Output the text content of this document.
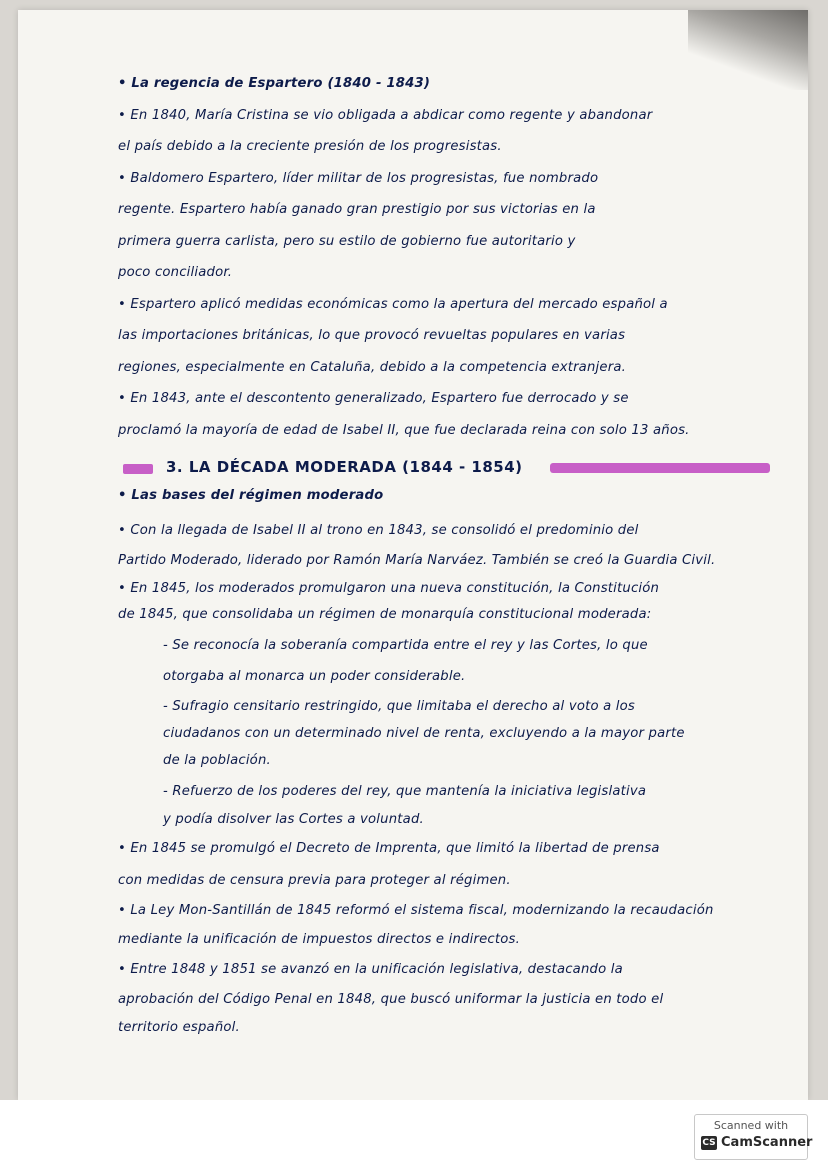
• La regencia de Espartero (1840 - 1843)
• En 1840, María Cristina se vio obligada a abdicar como regente y abandonar
el país debido a la creciente presión de los progresistas.
• Baldomero Espartero, líder militar de los progresistas, fue nombrado
regente. Espartero había ganado gran prestigio por sus victorias en la
primera guerra carlista, pero su estilo de gobierno fue autoritario y
poco conciliador.
• Espartero aplicó medidas económicas como la apertura del mercado español a
las importaciones británicas, lo que provocó revueltas populares en varias
regiones, especialmente en Cataluña, debido a la competencia extranjera.
• En 1843, ante el descontento generalizado, Espartero fue derrocado y se
proclamó la mayoría de edad de Isabel II, que fue declarada reina con solo 13 años.
3. LA DÉCADA MODERADA (1844 - 1854)
• Las bases del régimen moderado
• Con la llegada de Isabel II al trono en 1843, se consolidó el predominio del
Partido Moderado, liderado por Ramón María Narváez. También se creó la Guardia Civil.
• En 1845, los moderados promulgaron una nueva constitución, la Constitución
de 1845, que consolidaba un régimen de monarquía constitucional moderada:
- Se reconocía la soberanía compartida entre el rey y las Cortes, lo que
otorgaba al monarca un poder considerable.
- Sufragio censitario restringido, que limitaba el derecho al voto a los
ciudadanos con un determinado nivel de renta, excluyendo a la mayor parte
de la población.
- Refuerzo de los poderes del rey, que mantenía la iniciativa legislativa
y podía disolver las Cortes a voluntad.
• En 1845 se promulgó el Decreto de Imprenta, que limitó la libertad de prensa
con medidas de censura previa para proteger al régimen.
• La Ley Mon-Santillán de 1845 reformó el sistema fiscal, modernizando la recaudación
mediante la unificación de impuestos directos e indirectos.
• Entre 1848 y 1851 se avanzó en la unificación legislativa, destacando la
aprobación del Código Penal en 1848, que buscó uniformar la justicia en todo el
territorio español.
Scanned with
CS CamScanner
